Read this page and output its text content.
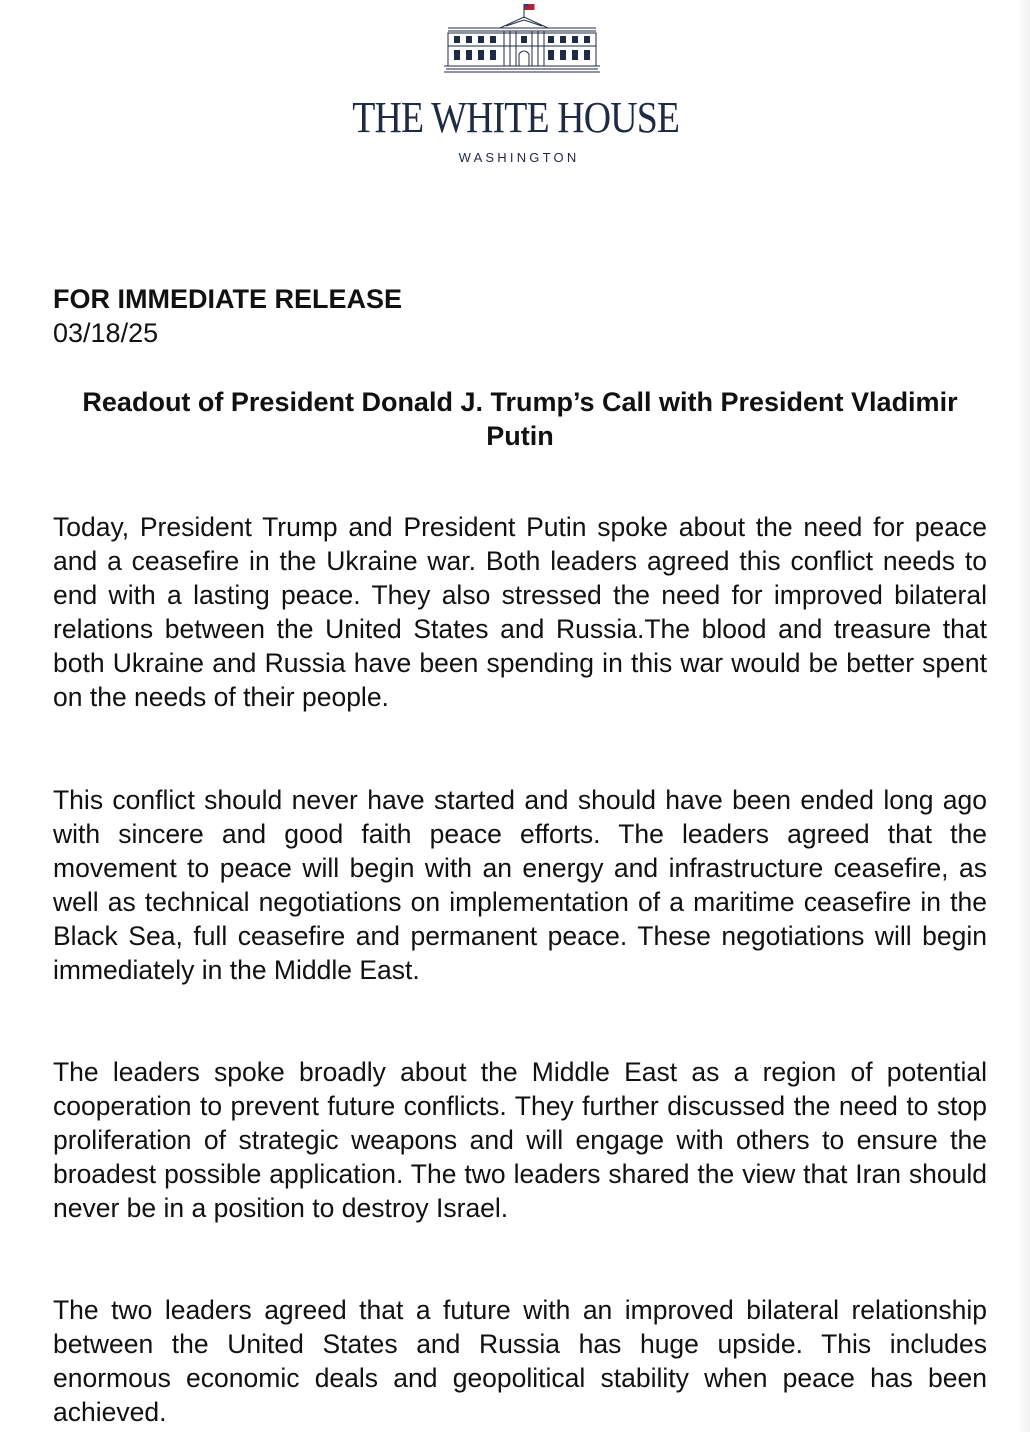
THE WHITE HOUSE
WASHINGTON
FOR IMMEDIATE RELEASE
03/18/25
Readout of President Donald J. Trump’s Call with President Vladimir Putin

Today, President Trump and President Putin spoke about the need for peace and a ceasefire in the Ukraine war. Both leaders agreed this conflict needs to end with a lasting peace. They also stressed the need for improved bilateral relations between the United States and Russia.The blood and treasure that both Ukraine and Russia have been spending in this war would be better spent on the needs of their people.

This conflict should never have started and should have been ended long ago with sincere and good faith peace efforts. The leaders agreed that the movement to peace will begin with an energy and infrastructure ceasefire, as well as technical negotiations on implementation of a maritime ceasefire in the Black Sea, full ceasefire and permanent peace. These negotiations will begin immediately in the Middle East.

The leaders spoke broadly about the Middle East as a region of potential cooperation to prevent future conflicts. They further discussed the need to stop proliferation of strategic weapons and will engage with others to ensure the broadest possible application. The two leaders shared the view that Iran should never be in a position to destroy Israel.

The two leaders agreed that a future with an improved bilateral relationship between the United States and Russia has huge upside. This includes enormous economic deals and geopolitical stability when peace has been achieved.
